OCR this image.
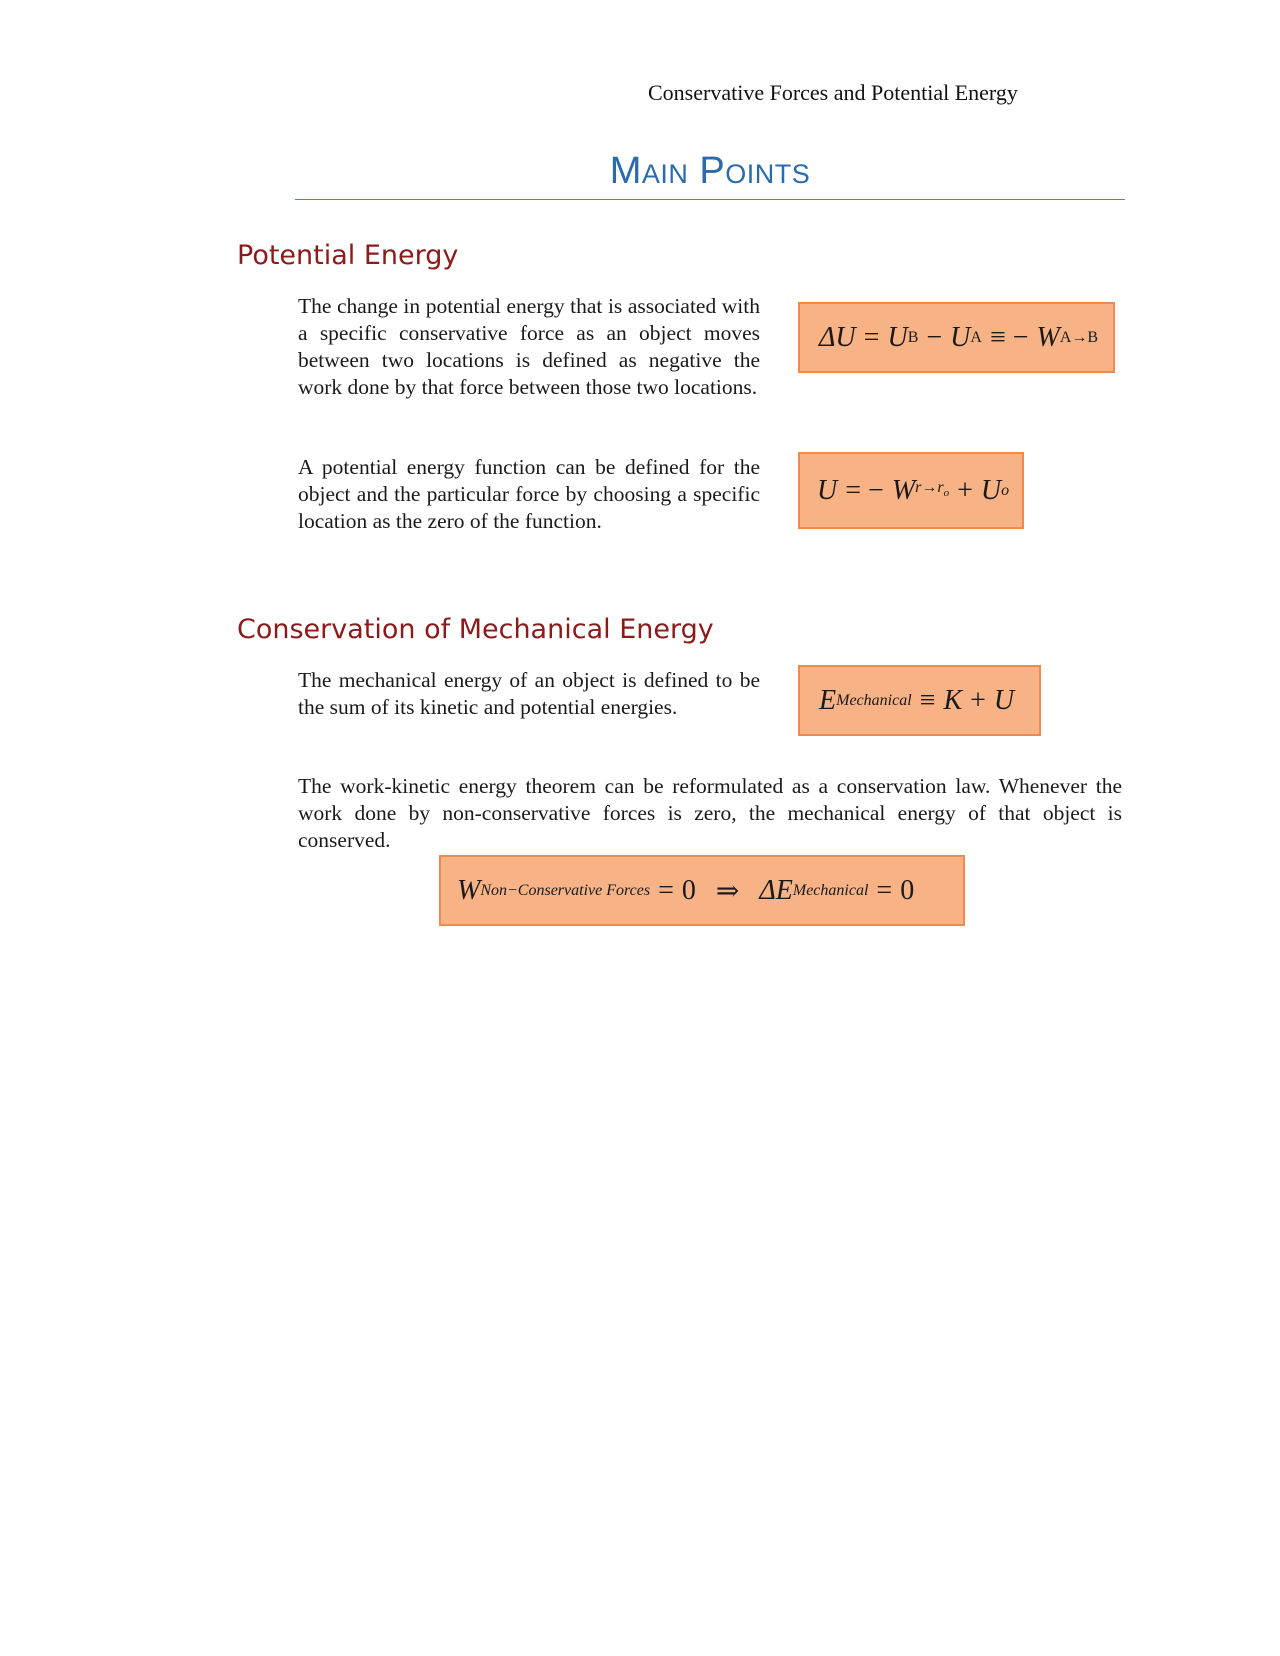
Conservative Forces and Potential Energy
Main Points
Potential Energy
The change in potential energy that is associated with a specific conservative force as an object moves between two locations is defined as negative the work done by that force between those two locations.
ΔU = U B − U A ≡ − W A→B
A potential energy function can be defined for the object and the particular force by choosing a specific location as the zero of the function.
U = − W $r\to r_o + U$ o
Conservation of Mechanical Energy
The mechanical energy of an object is defined to be the sum of its kinetic and potential energies.	E Mechanical ≡ K + U
The work-kinetic energy theorem can be reformulated as a conservation law. Whenever the work done by non-conservative forces is zero, the mechanical energy of that object is conserved.
W Non−Conservative Forces = 0 ⇒ ΔE Mechanical = 0
